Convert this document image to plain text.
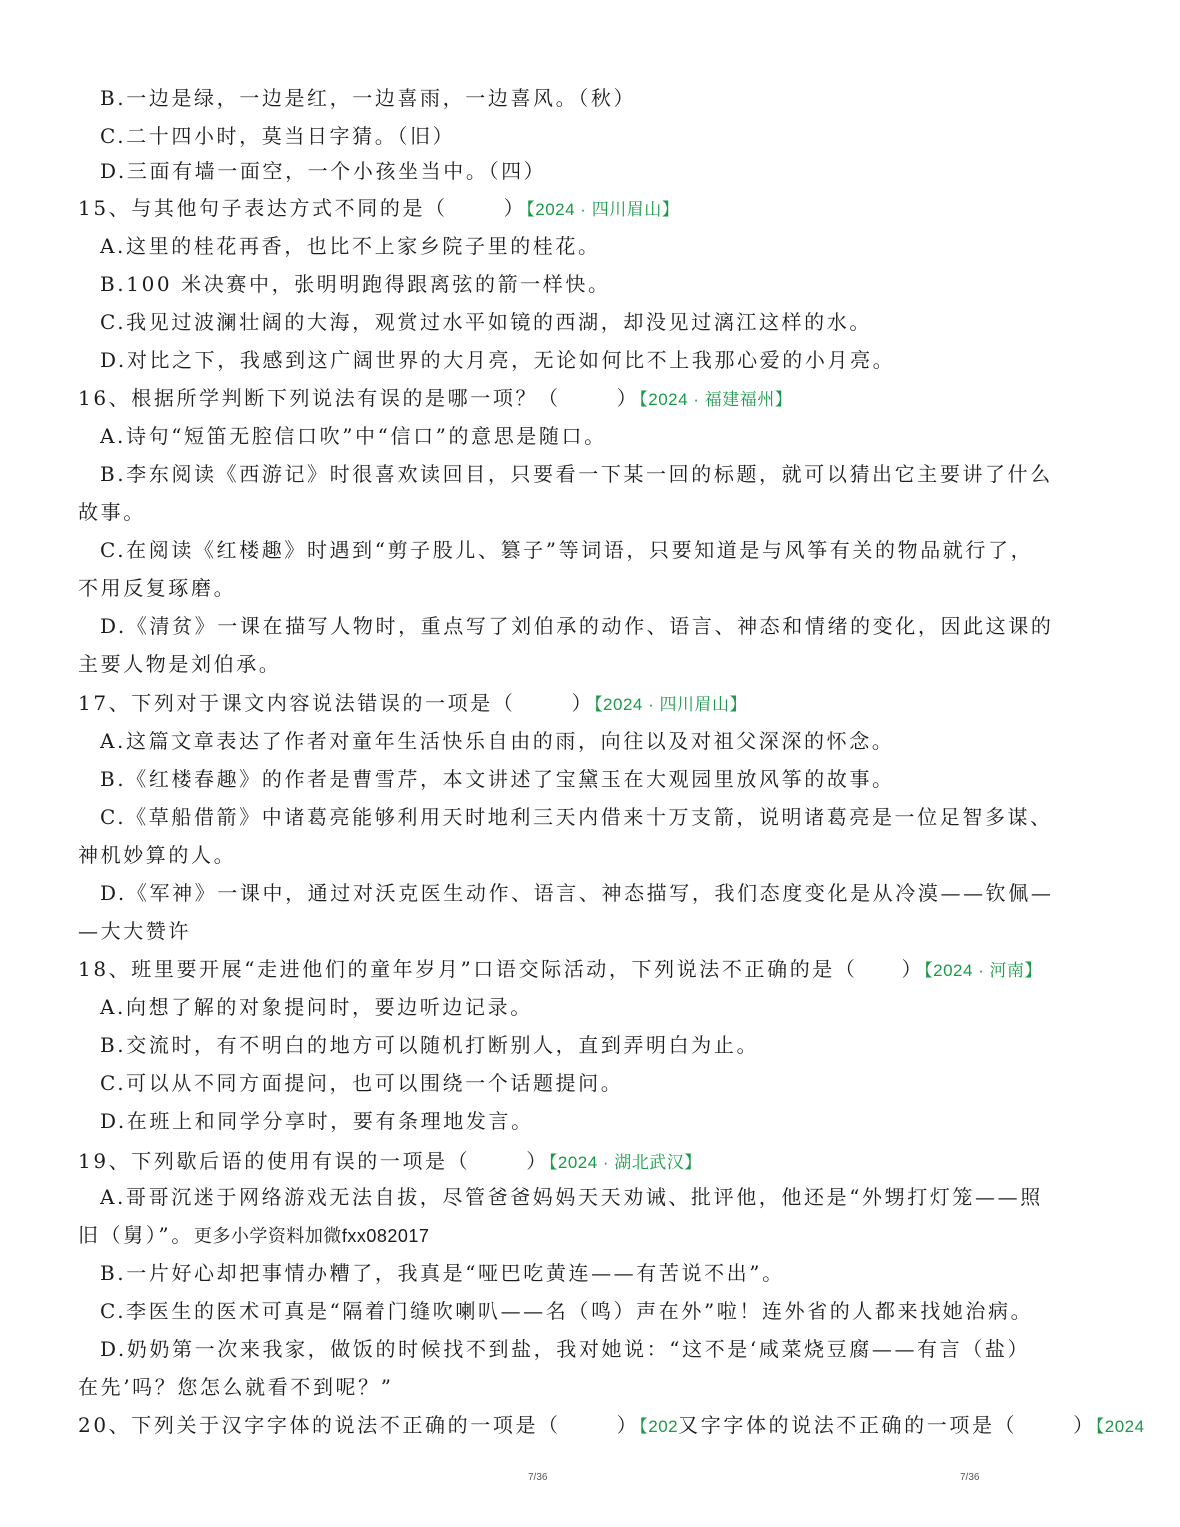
B.一边是绿，一边是红，一边喜雨，一边喜风。（秋）
C.二十四小时，莫当日字猜。（旧）
D.三面有墙一面空，一个小孩坐当中。（四）
15、与其他句子表达方式不同的是（	）【2024 · 四川眉山】
A.这里的桂花再香，也比不上家乡院子里的桂花。
B.100 米决赛中，张明明跑得跟离弦的箭一样快。
C.我见过波澜壮阔的大海，观赏过水平如镜的西湖，却没见过漓江这样的水。
D.对比之下，我感到这广阔世界的大月亮，无论如何比不上我那心爱的小月亮。
16、根据所学判断下列说法有误的是哪一项？（	）【2024 · 福建福州】
A.诗句“短笛无腔信口吹”中“信口”的意思是随口。
B.李东阅读《西游记》时很喜欢读回目，只要看一下某一回的标题，就可以猜出它主要讲了什么
故事。
C.在阅读《红楼趣》时遇到“剪子股儿、篡子”等词语，只要知道是与风筝有关的物品就行了，
不用反复琢磨。
D.《清贫》一课在描写人物时，重点写了刘伯承的动作、语言、神态和情绪的变化，因此这课的
主要人物是刘伯承。
17、下列对于课文内容说法错误的一项是（	）【2024 · 四川眉山】
A.这篇文章表达了作者对童年生活快乐自由的雨，向往以及对祖父深深的怀念。
B.《红楼春趣》的作者是曹雪芹，本文讲述了宝黛玉在大观园里放风筝的故事。
C.《草船借箭》中诸葛亮能够利用天时地利三天内借来十万支箭，说明诸葛亮是一位足智多谋、
神机妙算的人。
D.《军神》一课中，通过对沃克医生动作、语言、神态描写，我们态度变化是从冷漠——钦佩—
—大大赞许
18、班里要开展“走进他们的童年岁月”口语交际活动，下列说法不正确的是（ ）【2024 · 河南】
A.向想了解的对象提问时，要边听边记录。
B.交流时，有不明白的地方可以随机打断别人，直到弄明白为止。
C.可以从不同方面提问，也可以围绕一个话题提问。
D.在班上和同学分享时，要有条理地发言。
19、下列歇后语的使用有误的一项是（	）【2024 · 湖北武汉】
A.哥哥沉迷于网络游戏无法自拔，尽管爸爸妈妈天天劝诫、批评他，他还是“外甥打灯笼——照
旧（舅）”。更多小学资料加微fxx082017
B.一片好心却把事情办糟了，我真是“哑巴吃黄连——有苦说不出”。
C.李医生的医术可真是“隔着门缝吹喇叭——名（鸣）声在外”啦！连外省的人都来找她治病。
D.奶奶第一次来我家，做饭的时候找不到盐，我对她说：“这不是‘咸菜烧豆腐——有言（盐）
在先’吗？您怎么就看不到呢？”
20、下列关于汉字字体的说法不正确的一项是（	）【202又字字体的说法不正确的一项是（	）【2024
7/36	7/36
